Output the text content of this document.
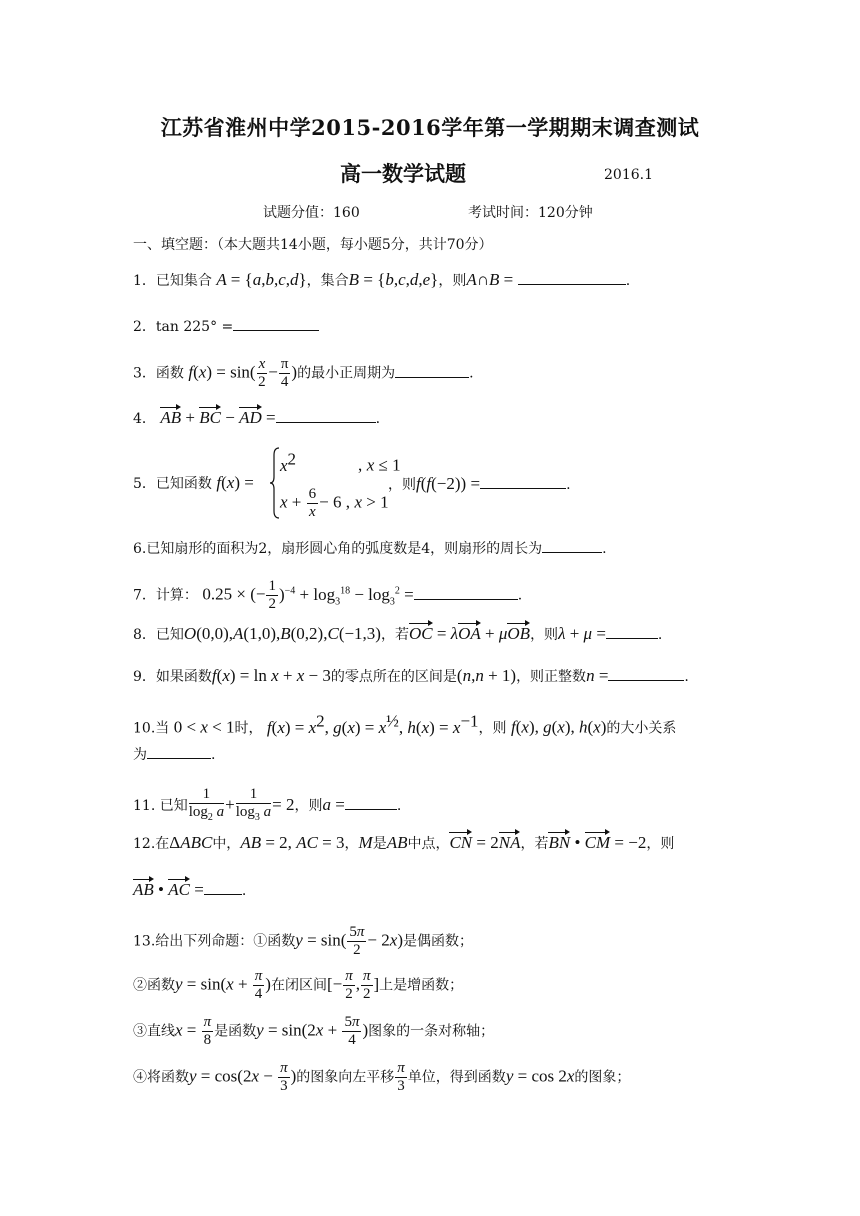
江苏省淮州中学2015-2016学年第一学期期末调查测试
高一数学试题	2016.1
试题分值：160	考试时间：120分钟
一、填空题：（本大题共14小题，每小题5分，共计70分）
1．已知集合 A = {a,b,c,d}，集合B = {b,c,d,e}，则A∩B =	.
2．tan 225° =
3．函数 $f(x) = \sin( \frac{x}{2} - \frac{\pi}{4}$ )的最小正周期为	.
4． AB + BC − AD =	.
5．已知函数 f(x) =
$x^2$	, x ≤ 1
$x + \frac{6}{x} - 6$ , x > 1
，则f(f(−2)) =	.
6.已知扇形的面积为2，扇形圆心角的弧度数是4，则扇形的周长为	.
7．计算： 0.25 × (− $\frac{1}{2} )^{-4} + \log_3^{18} - \log_3^2$ =	.
8．已知O(0,0),A(1,0),B(0,2),C(−1,3)，若OC = λOA + μOB，则λ + μ =	.
9．如果函数f(x) = ln x + x − 3的零点所在的区间是(n,n + 1)，则正整数n =	.
10.当 0 < x < 1时， $f(x) = x^2$, $g(x) = x^{\frac{1}{2}}$, $h(x) = x^{-1}$，则 f(x), g(x), h(x)的大小关系
为	.
11. 已知 $\frac{1}{\log_2 a} + \frac{1}{\log_3 a} = 2$，则a =	.
12.在ΔABC中，AB = 2, AC = 3，M是AB中点，CN = 2NA，若BN • CM = −2，则
AB • AC =	.
13.给出下列命题：①函数$y = \sin( \frac{5\pi}{2} - 2x)$是偶函数；
②函数$y = \sin(x + \frac{\pi}{4}$ )在闭区间[− $\frac{\pi}{2}$ , $\frac{\pi}{2}$ ]上是增函数；
③直线$x = \frac{\pi}{8}$ 是函数$y = \sin(2x + \frac{5\pi}{4}$ )图象的一条对称轴；
④将函数$y = \cos(2x - \frac{\pi}{3}$ )的图象向左平移 $\frac{\pi}{3}$ 单位，得到函数y = cos 2x的图象；
